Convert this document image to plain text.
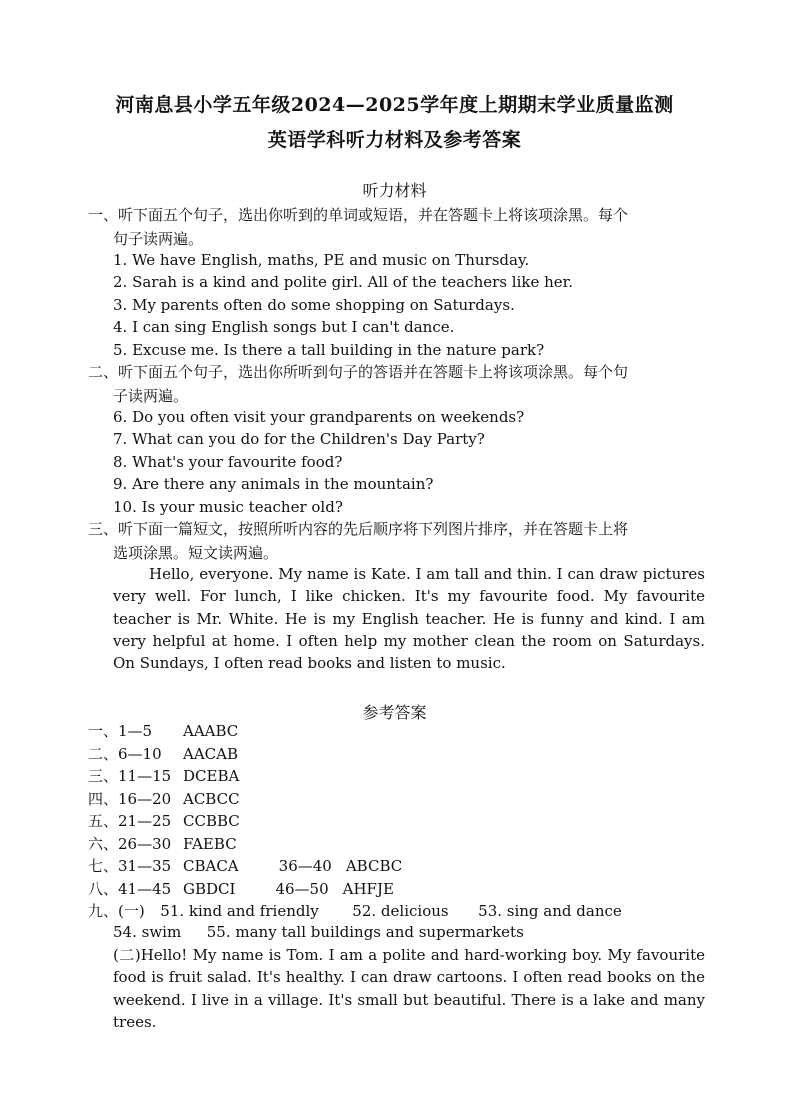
河南息县小学五年级2024—2025学年度上期期末学业质量监测
英语学科听力材料及参考答案
听力材料
一、听下面五个句子，选出你听到的单词或短语，并在答题卡上将该项涂黑。每个
句子读两遍。
1. We have English, maths, PE and music on Thursday.
2. Sarah is a kind and polite girl. All of the teachers like her.
3. My parents often do some shopping on Saturdays.
4. I can sing English songs but I can't dance.
5. Excuse me. Is there a tall building in the nature park?
二、听下面五个句子，选出你所听到句子的答语并在答题卡上将该项涂黑。每个句
子读两遍。
6. Do you often visit your grandparents on weekends?
7. What can you do for the Children's Day Party?
8. What's your favourite food?
9. Are there any animals in the mountain?
10. Is your music teacher old?
三、听下面一篇短文，按照所听内容的先后顺序将下列图片排序，并在答题卡上将
选项涂黑。短文读两遍。
Hello, everyone. My name is Kate. I am tall and thin. I can draw pictures very well. For lunch, I like chicken. It's my favourite food. My favourite teacher is Mr. White. He is my English teacher. He is funny and kind. I am very helpful at home. I often help my mother clean the room on Saturdays. On Sundays, I often read books and listen to music.
参考答案
一、1—5 AAABC
二、6—10 AACAB
三、11—15 DCEBA
四、16—20 ACBCC
五、21—25 CCBBC
六、26—30 FAEBC
七、31—35 CBACA	36—40 ABCBC
八、41—45 GBDCI	46—50 AHFJE
九、(一) 51. kind and friendly 52. delicious 53. sing and dance
54. swim 55. many tall buildings and supermarkets
(二)Hello! My name is Tom. I am a polite and hard-working boy. My favourite food is fruit salad. It's healthy. I can draw cartoons. I often read books on the weekend. I live in a village. It's small but beautiful. There is a lake and many trees.
